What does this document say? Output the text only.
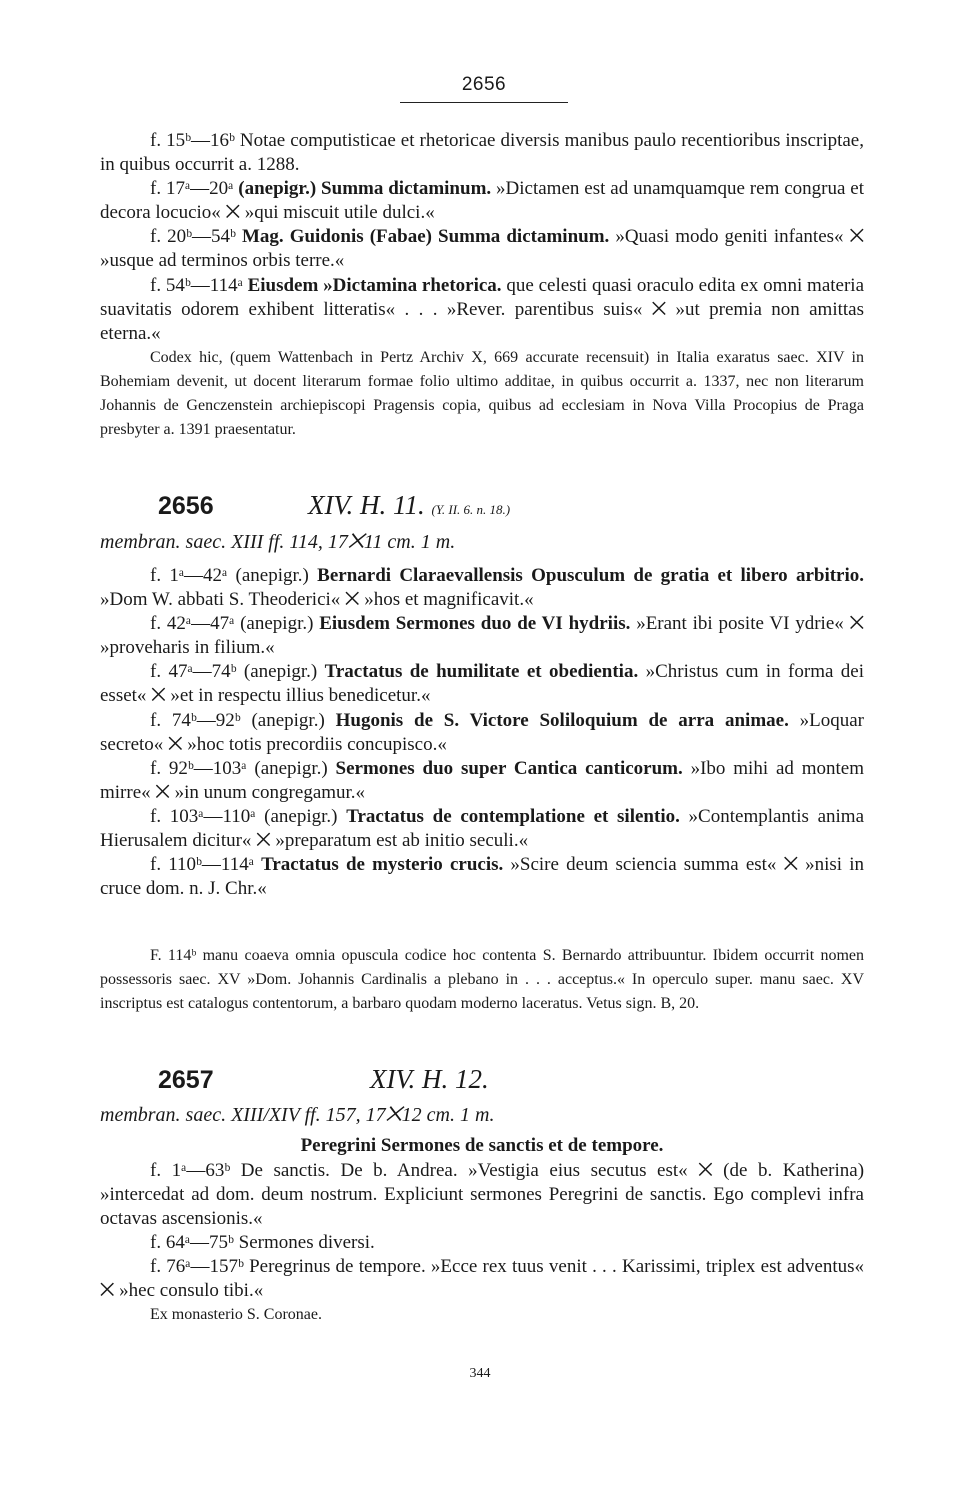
2656

f. 15ᵇ—16ᵇ Notae computisticae et rhetoricae diversis manibus paulo recentioribus inscriptae, in quibus occurrit a. 1288.

f. 17ᵃ—20ᵃ (anepigr.) Summa dictaminum. »Dictamen est ad unamquamque rem congrua et decora locucio« ⨉ »qui miscuit utile dulci.«

f. 20ᵇ—54ᵇ Mag. Guidonis (Fabae) Summa dictaminum. »Quasi modo geniti infantes« ⨉ »usque ad terminos orbis terre.«

f. 54ᵇ—114ᵃ Eiusdem »Dictamina rhetorica. que celesti quasi oraculo edita ex omni materia suavitatis odorem exhibent litteratis« . . . »Rever. parentibus suis« ⨉ »ut premia non amittas eterna.«

Codex hic, (quem Wattenbach in Pertz Archiv X, 669 accurate recensuit) in Italia exaratus saec. XIV in Bohemiam devenit, ut docent literarum formae folio ultimo additae, in quibus occurrit a. 1337, nec non literarum Johannis de Genczenstein archiepiscopi Pragensis copia, quibus ad ecclesiam in Nova Villa Procopius de Praga presbyter a. 1391 praesentatur.

2656	XIV. H. 11. (Y. II. 6. n. 18.)
membran. saec. XIII ff. 114, 17⨉11 cm. 1 m.

f. 1ᵃ—42ᵃ (anepigr.) Bernardi Claraevallensis Opusculum de gratia et libero arbitrio. »Dom W. abbati S. Theoderici« ⨉ »hos et magnificavit.«

f. 42ᵃ—47ᵃ (anepigr.) Eiusdem Sermones duo de VI hydriis. »Erant ibi posite VI ydrie« ⨉ »proveharis in filium.«

f. 47ᵃ—74ᵇ (anepigr.) Tractatus de humilitate et obedientia. »Christus cum in forma dei esset« ⨉ »et in respectu illius benedicetur.«

f. 74ᵇ—92ᵇ (anepigr.) Hugonis de S. Victore Soliloquium de arra animae. »Loquar secreto« ⨉ »hoc totis precordiis concupisco.«

f. 92ᵇ—103ᵃ (anepigr.) Sermones duo super Cantica canticorum. »Ibo mihi ad montem mirre« ⨉ »in unum congregamur.«

f. 103ᵃ—110ᵃ (anepigr.) Tractatus de contemplatione et silentio. »Contemplantis anima Hierusalem dicitur« ⨉ »preparatum est ab initio seculi.«

f. 110ᵇ—114ᵃ Tractatus de mysterio crucis. »Scire deum sciencia summa est« ⨉ »nisi in cruce dom. n. J. Chr.«

F. 114ᵇ manu coaeva omnia opuscula codice hoc contenta S. Bernardo attribuuntur. Ibidem occurrit nomen possessoris saec. XV »Dom. Johannis Cardinalis a plebano in . . . acceptus.« In operculo super. manu saec. XV inscriptus est catalogus contentorum, a barbaro quodam moderno laceratus. Vetus sign. B, 20.

2657	XIV. H. 12.
membran. saec. XIII/XIV ff. 157, 17⨉12 cm. 1 m.
Peregrini Sermones de sanctis et de tempore.

f. 1ᵃ—63ᵇ De sanctis. De b. Andrea. »Vestigia eius secutus est« ⨉ (de b. Katherina) »intercedat ad dom. deum nostrum. Expliciunt sermones Peregrini de sanctis. Ego complevi infra octavas ascensionis.«

f. 64ᵃ—75ᵇ Sermones diversi.

f. 76ᵃ—157ᵇ Peregrinus de tempore. »Ecce rex tuus venit . . . Karissimi, triplex est adventus« ⨉ »hec consulo tibi.«

Ex monasterio S. Coronae.

344
